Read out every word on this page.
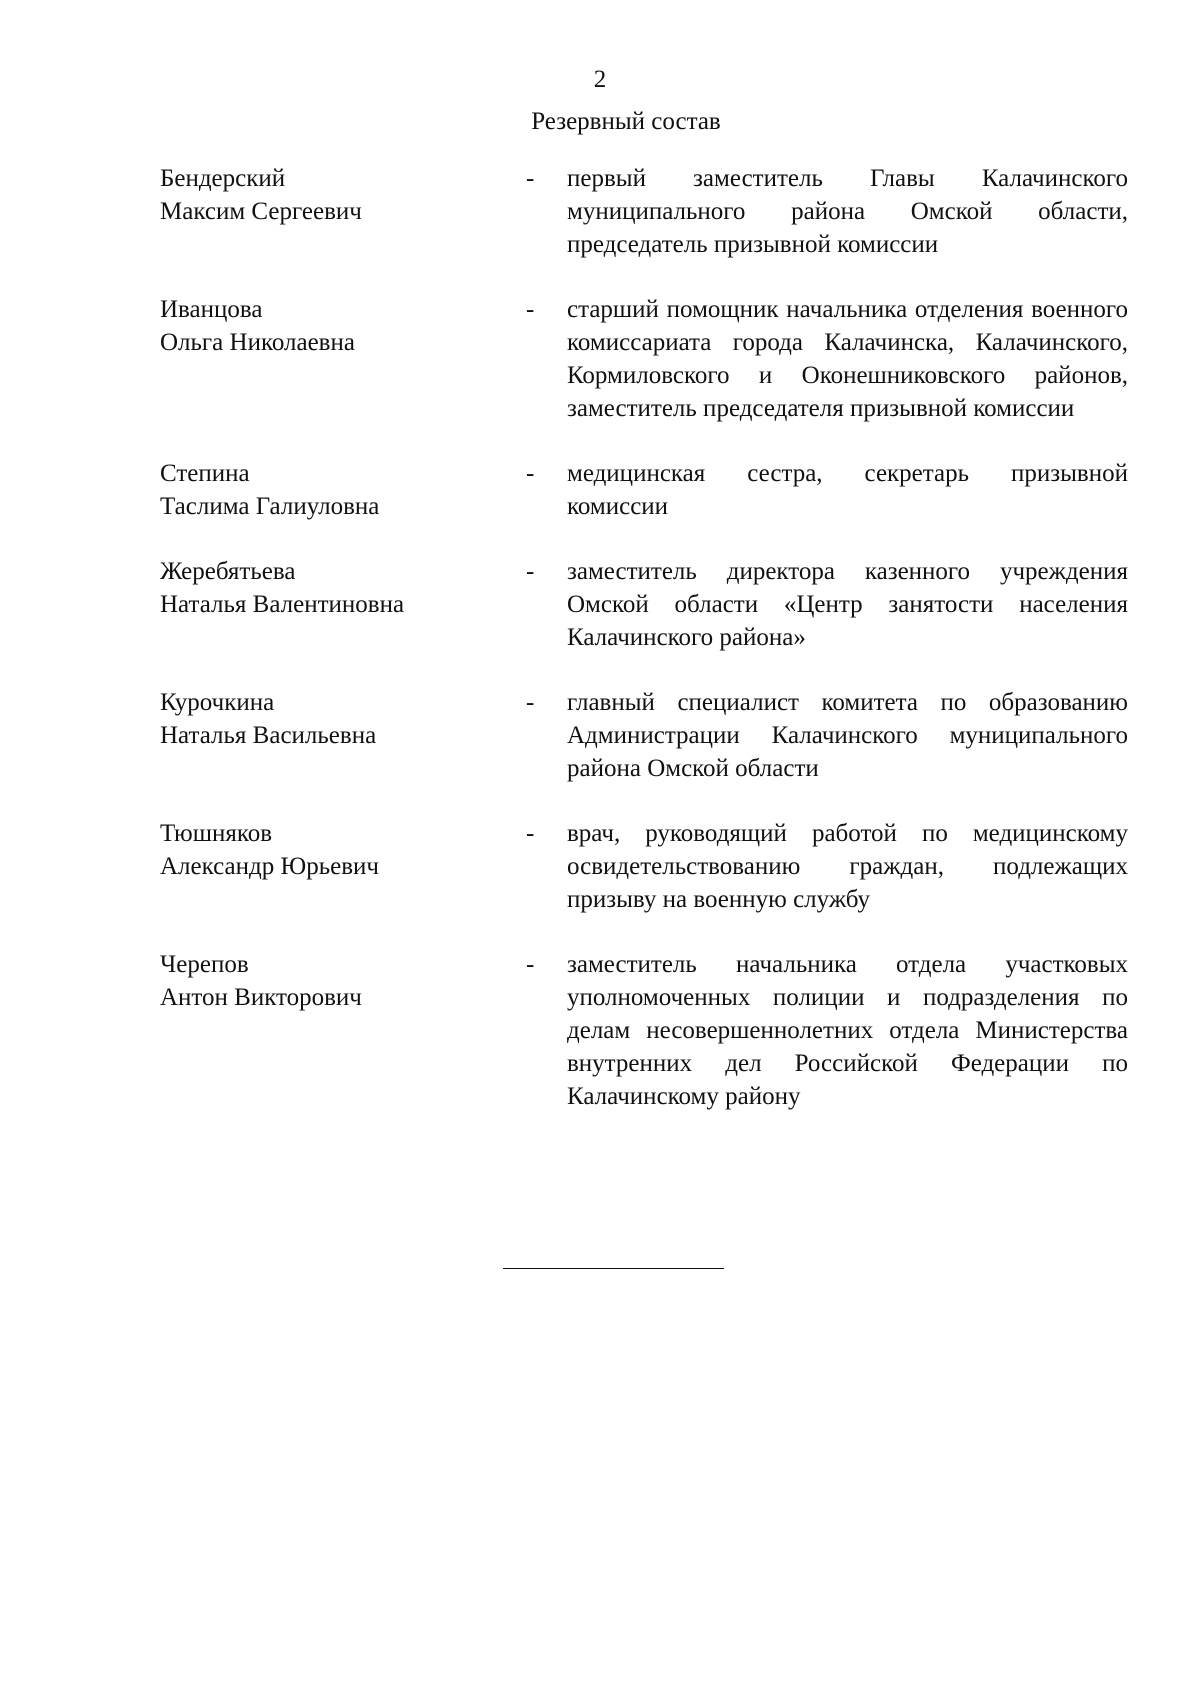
2
Резервный состав
Бендерский
Максим Сергеевич
-	первый заместитель Главы Калачинского муниципального района Омской области, председатель призывной комиссии
Иванцова
Ольга Николаевна
-	старший помощник начальника отделения военного комиссариата города Калачинска, Калачинского, Кормиловского и Оконешниковского районов, заместитель председателя призывной комиссии
Степина
Таслима Галиуловна
-	медицинская сестра, секретарь призывной комиссии
Жеребятьева
Наталья Валентиновна
-	заместитель директора казенного учреждения Омской области «Центр занятости населения Калачинского района»
Курочкина
Наталья Васильевна
-	главный специалист комитета по образованию Администрации Калачинского муниципального района Омской области
Тюшняков
Александр Юрьевич
-	врач, руководящий работой по медицинскому освидетельствованию граждан, подлежащих призыву на военную службу
Черепов
Антон Викторович
-	заместитель начальника отдела участковых уполномоченных полиции и подразделения по делам несовершеннолетних отдела Министерства внутренних дел Российской Федерации по Калачинскому району
